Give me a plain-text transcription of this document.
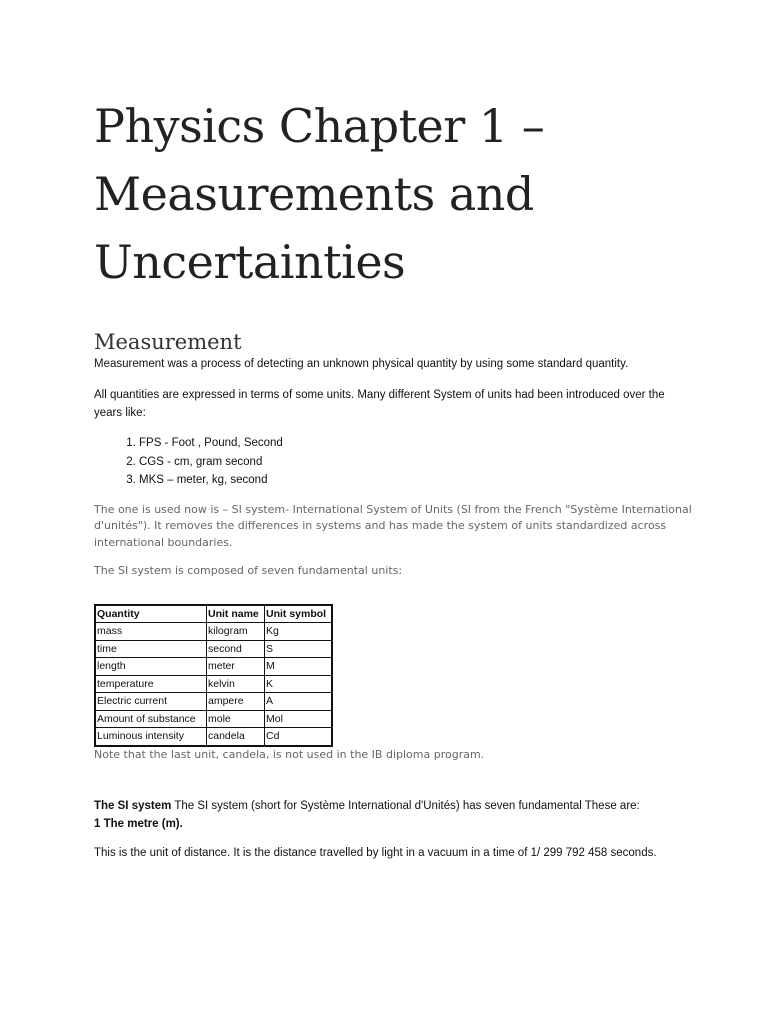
Physics Chapter 1 – Measurements and Uncertainties
Measurement

Measurement was a process of detecting an unknown physical quantity by using some standard quantity.

All quantities are expressed in terms of some units. Many different System of units had been introduced over the years like:

1. FPS - Foot , Pound, Second
2. CGS - cm, gram second
3. MKS – meter, kg, second

The one is used now is – SI system- International System of Units (SI from the French "Système International d'unités"). It removes the differences in systems and has made the system of units standardized across international boundaries.

The SI system is composed of seven fundamental units:

Quantity	Unit name	Unit symbol
mass	kilogram	Kg
time	second	S
length	meter	M
temperature	kelvin	K
Electric current	ampere	A
Amount of substance	mole	Mol
Luminous intensity	candela	Cd

Note that the last unit, candela, is not used in the IB diploma program.

The SI system The SI system (short for Système International d'Unités) has seven fundamental These are:
1 The metre (m).

This is the unit of distance. It is the distance travelled by light in a vacuum in a time of 1/ 299 792 458 seconds.
